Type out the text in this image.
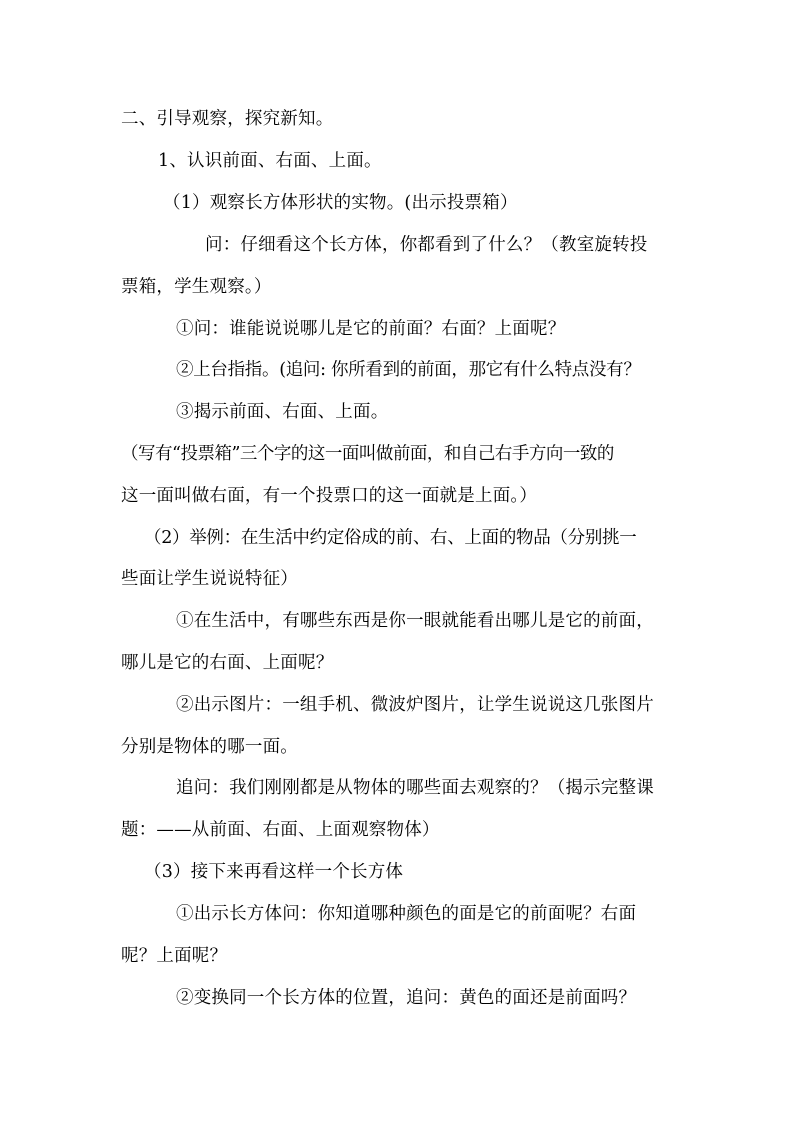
二、引导观察，探究新知。
1、认识前面、右面、上面。
（1）观察长方体形状的实物。(出示投票箱）
问：仔细看这个长方体，你都看到了什么？（教室旋转投
票箱，学生观察。）
①问：谁能说说哪儿是它的前面？右面？上面呢？
②上台指指。(追问: 你所看到的前面，那它有什么特点没有？
③揭示前面、右面、上面。
（写有“投票箱”三个字的这一面叫做前面，和自己右手方向一致的
这一面叫做右面，有一个投票口的这一面就是上面。）
（2）举例：在生活中约定俗成的前、右、上面的物品（分别挑一
些面让学生说说特征）
①在生活中，有哪些东西是你一眼就能看出哪儿是它的前面，
哪儿是它的右面、上面呢？
②出示图片：一组手机、微波炉图片，让学生说说这几张图片
分别是物体的哪一面。
追问：我们刚刚都是从物体的哪些面去观察的？（揭示完整课
题：——从前面、右面、上面观察物体）
（3）接下来再看这样一个长方体
①出示长方体问：你知道哪种颜色的面是它的前面呢？右面
呢？上面呢？
②变换同一个长方体的位置，追问：黄色的面还是前面吗？
